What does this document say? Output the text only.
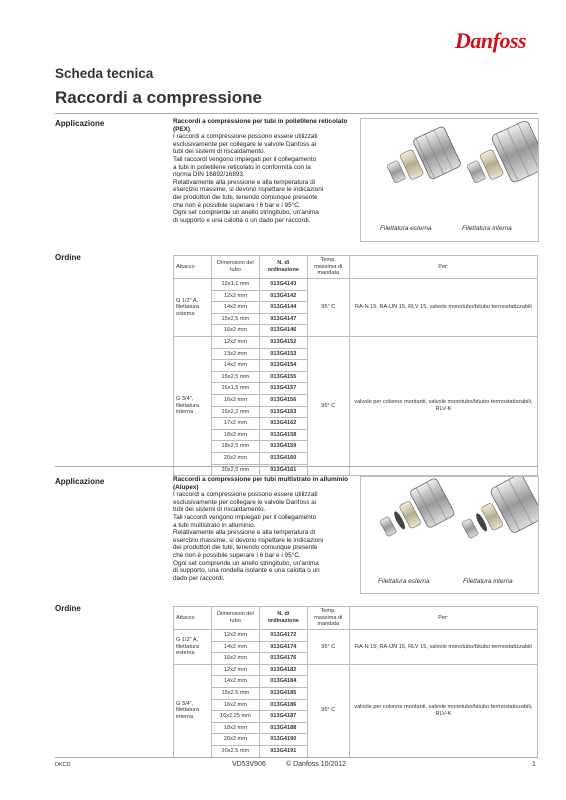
Danfoss
Scheda tecnica
Raccordi a compressione
Applicazione	Raccordi a compressione per tubi in polietilene reticolato (PEX)
I raccordi a compressione possono essere utilizzati
esclusivamente per collegare le valvole Danfoss ai
tubi dei sistemi di riscaldamento.
Tali raccordi vengono impiegati per il collegamento
a tubi in polietilene reticolato in conformità con la
norma DIN 16892/16893.
Relativamente alla pressione e alla temperatura di
esercizio massime, si devono rispettare le indicazioni
dei produttori dei tubi, tenendo comunque presente
che non è possibile superare i 6 bar e i 95°C.
Ogni set comprende un anello stringitubo, un'anima
di supporto e una calotta o un dado per raccordi.
Filettatura esterna	Filettatura interna
Ordine
Attacco	Dimensioni del tubo	N. di ordinazione	Temp. massima di mandata	Per:
G 1/2" A, filettatura esterna	12x1,1 mm	013G4143	95° C	RA-N 15, RA-UN 15, RLV 15, valvole monotubo/bitubo termostatizzabili
	12x2 mm	013G4142		
	14x2 mm	013G4144		
	15x2,5 mm	013G4147		
	16x2 mm	013G4146		
G 3/4", filettatura interna	12x2 mm	013G4152	95° C	valvole per colonne montanti, valvole monotubo/bitubo termostatizzabili, RLV-K
	13x2 mm	013G4153		
	14x2 mm	013G4154		
	15x2,5 mm	013G4155		
	16x1,5 mm	013G4157		
	16x2 mm	013G4156		
	16x2,2 mm	013G4163		
	17x2 mm	013G4162		
	18x2 mm	013G4158		
	18x2,5 mm	013G4159		
	20x2 mm	013G4160		
	20x2,5 mm	013G4161		
Applicazione	Raccordi a compressione per tubi multistrato in alluminio (Alupex)
I raccordi a compressione possono essere utilizzati
esclusivamente per collegare le valvole Danfoss ai
tubi dei sistemi di riscaldamento.
Tali raccordi vengono impiegati per il collegamento
a tubi multistrato in alluminio.
Relativamente alla pressione e alla temperatura di
esercizio massime, si devono rispettare le indicazioni
dei produttori dei tubi, tenendo comunque presente
che non è possibile superare i 6 bar e i 95°C.
Ogni set comprende un anello stringitubo, un'anima
di supporto, una rondella isolante e una calotta o un
dado per raccordi.	Filettatura esterna	Filettatura interna
Ordine
Attacco	Dimensioni del tubo	N. di ordinazione	Temp. massima di mandata	Per:
G 1/2" A, filettatura esterna	12x2 mm	013G4172	95° C	RA-N 15, RA-UN 15, RLV 15, valvole monotubo/bitubo termostatizzabili
	14x2 mm	013G4174		
	16x2 mm	013G4176		
G 3/4", filettatura interna	12x2 mm	013G4182	95° C	valvole per colonne montanti, valvole monotubo/bitubo termostatizzabili, RLV-K
	14x2 mm	013G4184		
	15x2.5 mm	013G4185		
	16x2 mm	013G4186		
	16x2.25 mm	013G4187		
	18x2 mm	013G4188		
	20x2 mm	013G4190		
	20x2.5 mm	013G4191		
DKCD	VD53V906	© Danfoss 10/2012	1
